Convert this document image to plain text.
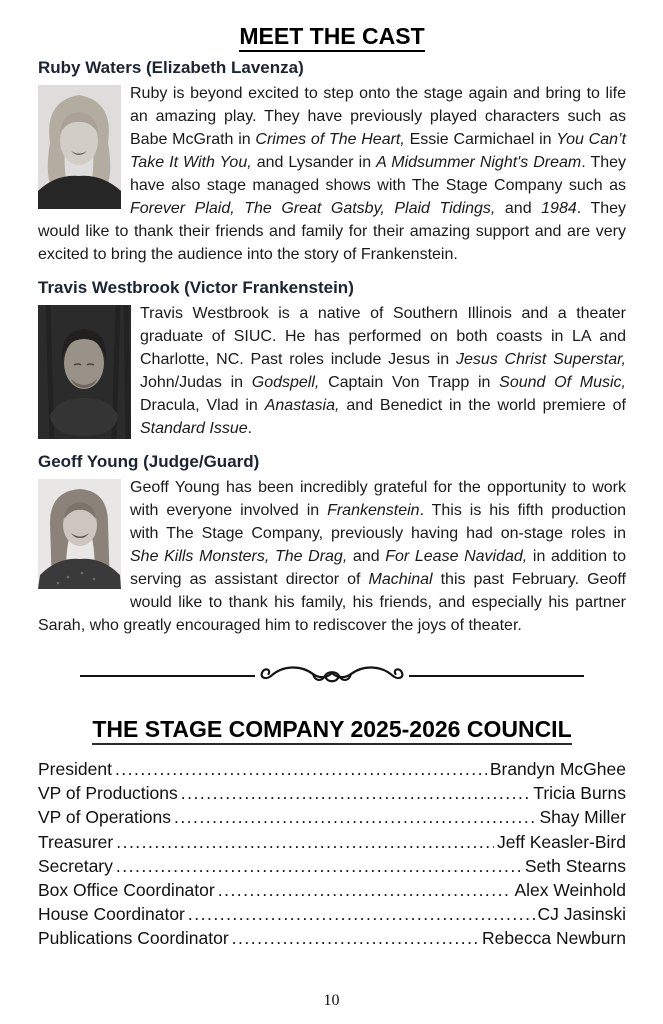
MEET THE CAST
Ruby Waters (Elizabeth Lavenza)

Ruby is beyond excited to step onto the stage again and bring to life an amazing play. They have previously played characters such as Babe McGrath in Crimes of The Heart, Essie Carmichael in You Can’t Take It With You, and Lysander in A Midsummer Night's Dream. They have also stage managed shows with The Stage Company such as Forever Plaid, The Great Gatsby, Plaid Tidings, and 1984. They would like to thank their friends and family for their amazing support and are very excited to bring the audience into the story of Frankenstein.

Travis Westbrook (Victor Frankenstein)

Travis Westbrook is a native of Southern Illinois and a theater graduate of SIUC. He has performed on both coasts in LA and Charlotte, NC. Past roles include Jesus in Jesus Christ Superstar, John/Judas in Godspell, Captain Von Trapp in Sound Of Music, Dracula, Vlad in Anastasia, and Benedict in the world premiere of Standard Issue.

Geoff Young (Judge/Guard)

Geoff Young has been incredibly grateful for the opportunity to work with everyone involved in Frankenstein. This is his fifth production with The Stage Company, previously having had on-stage roles in She Kills Monsters, The Drag, and For Lease Navidad, in addition to serving as assistant director of Machinal this past February. Geoff would like to thank his family, his friends, and especially his partner Sarah, who greatly encouraged him to rediscover the joys of theater.

THE STAGE COMPANY 2025-2026 COUNCIL
President .....	Brandyn McGhee
VP of Productions .....	Tricia Burns
VP of Operations .....	Shay Miller
Treasurer .....	Jeff Keasler-Bird
Secretary .....	Seth Stearns
Box Office Coordinator .....	Alex Weinhold
House Coordinator .....	CJ Jasinski
Publications Coordinator .....	Rebecca Newburn
10
